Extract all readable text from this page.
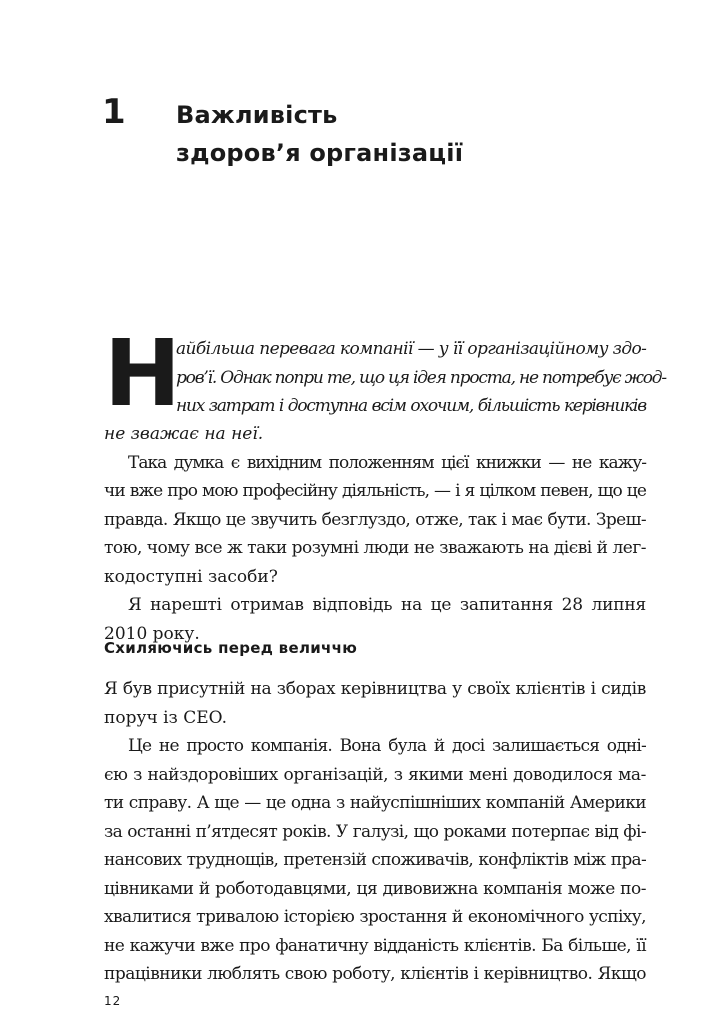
1 Важливість
здоров’я організації
Н
айбільша перевага компанії — у її організаційному здо-
ров’ї. Однак попри те, що ця ідея проста, не потребує жод-
них затрат і доступна всім охочим, більшість керівників
не зважає на неї.
Така думка є вихідним положенням цієї книжки — не кажу-
чи вже про мою професійну діяльність, — і я цілком певен, що це
правда. Якщо це звучить безглуздо, отже, так і має бути. Зреш-
тою, чому все ж таки розумні люди не зважають на дієві й лег-
кодоступні засоби?
Я нарешті отримав відповідь на це запитання 28 липня
2010 року.
Схиляючись перед величчю
Я був присутній на зборах керівництва у своїх клієнтів і сидів
поруч із CEO.
Це не просто компанія. Вона була й досі залишається одні-
єю з найздоровіших організацій, з якими мені доводилося ма-
ти справу. А ще — це одна з найуспішніших компаній Америки
за останні п’ятдесят років. У галузі, що роками потерпає від фі-
нансових труднощів, претензій споживачів, конфліктів між пра-
цівниками й роботодавцями, ця дивовижна компанія може по-
хвалитися тривалою історією зростання й економічного успіху,
не кажучи вже про фанатичну відданість клієнтів. Ба більше, її
працівники люблять свою роботу, клієнтів і керівництво. Якщо
12
